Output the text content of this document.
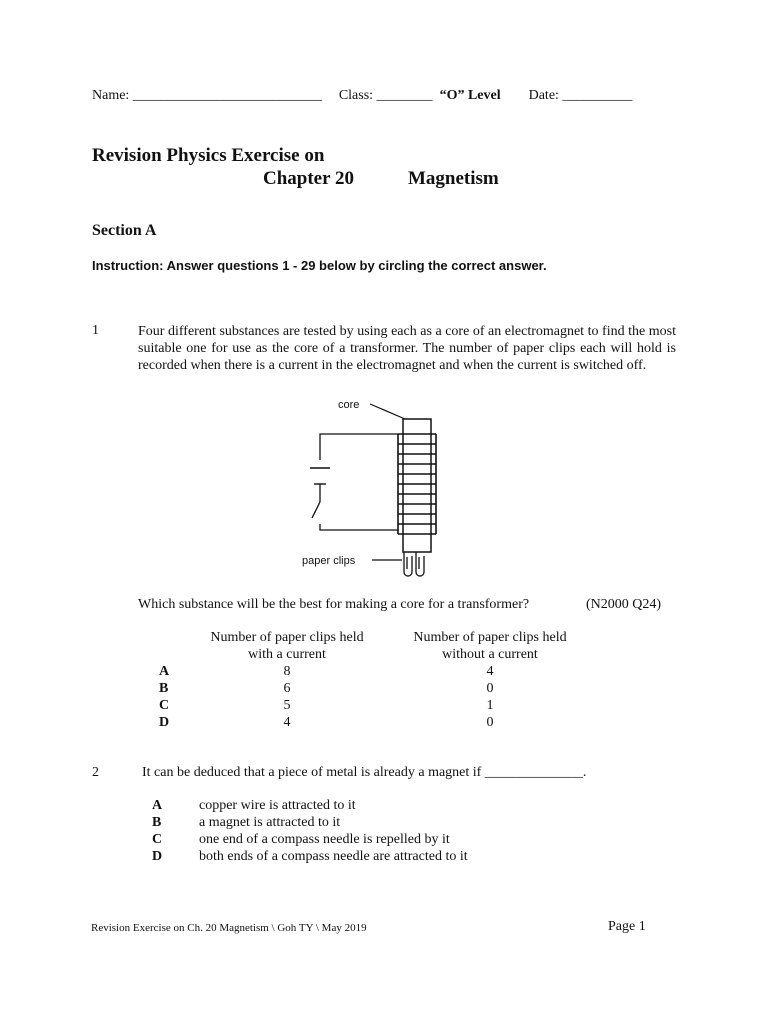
Name: ___________________________ Class: ________ “O” Level Date: __________
Revision Physics Exercise on
Chapter 20	Magnetism
Section A
Instruction: Answer questions 1 - 29 below by circling the correct answer.
1	Four different substances are tested by using each as a core of an electromagnet to find the most suitable one for use as the core of a transformer. The number of paper clips each will hold is recorded when there is a current in the electromagnet and when the current is switched off.
core
paper clips
Which substance will be the best for making a core for a transformer?	(N2000 Q24)
Number of paper clips held
with a current
Number of paper clips held
without a current
A	8	4
B	6	0
C	5	1
D	4	0
2	It can be deduced that a piece of metal is already a magnet if ______________.
A	copper wire is attracted to it
B	a magnet is attracted to it
C	one end of a compass needle is repelled by it
D	both ends of a compass needle are attracted to it
Revision Exercise on Ch. 20 Magnetism \ Goh TY \ May 2019	Page 1
